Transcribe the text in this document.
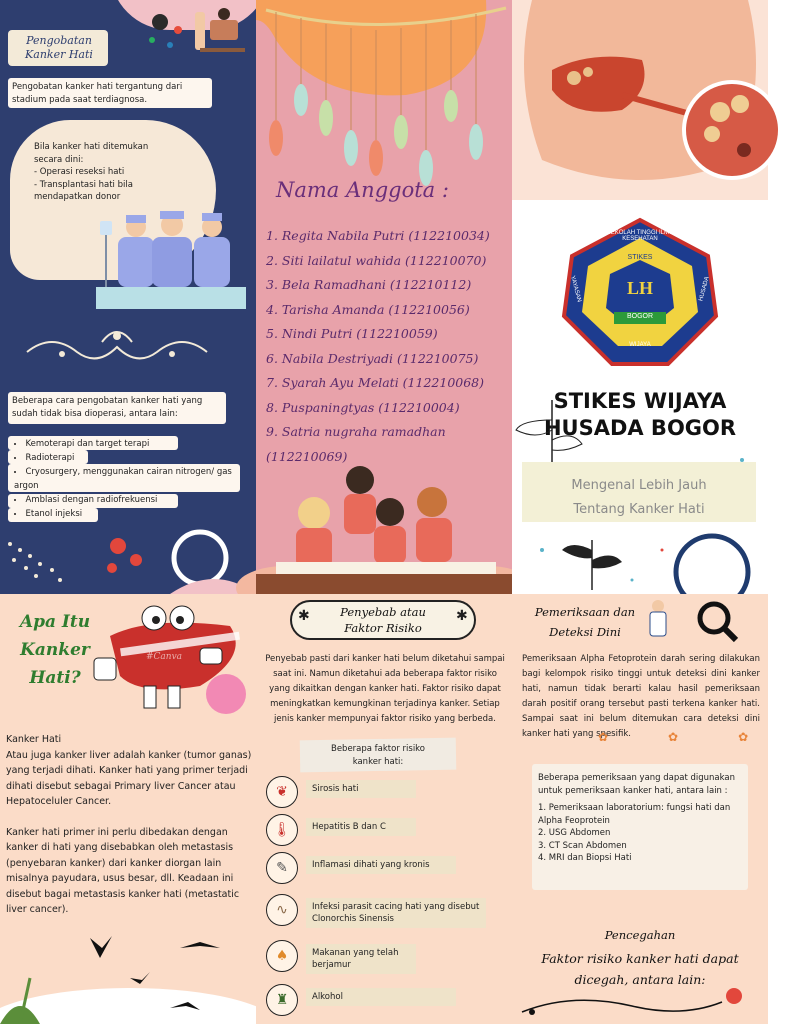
Pengobatan
Kanker Hati

Pengobatan kanker hati tergantung dari stadium pada saat terdiagnosa.

Bila kanker hati ditemukan
secara dini:
- Operasi reseksi hati
- Transplantasi hati bila mendapatkan donor

Beberapa cara pengobatan kanker hati yang sudah tidak bisa dioperasi, antara lain:

• Kemoterapi dan target terapi
• Radioterapi
• Cryosurgery, menggunakan cairan nitrogen/ gas argon
• Amblasi dengan radiofrekuensi
• Etanol injeksi
Nama Anggota :
1. Regita Nabila Putri (112210034)
2. Siti lailatul wahida (112210070)
3. Bela Ramadhani (112210112)
4. Tarisha Amanda (112210056)
5. Nindi Putri (112210059)
6. Nabila Destriyadi (112210075)
7. Syarah Ayu Melati (112210068)
8. Puspaningtyas (112210004)
9. Satria nugraha ramadhan
(112210069)
SEKOLAH TINGGI ILMU KESEHATAN
STIKES
YAYASAN	HUSADA
LH
BOGOR
WIJAYA
STIKES WIJAYA
HUSADA BOGOR
Mengenal Lebih Jauh
Tentang Kanker Hati
Apa Itu
Kanker
Hati?
#Canva

Kanker Hati

Atau juga kanker liver adalah kanker (tumor ganas) yang terjadi dihati. Kanker hati yang primer terjadi dihati disebut sebagai Primary liver Cancer atau Hepatoceluler Cancer.

Kanker hati primer ini perlu dibedakan dengan kanker di hati yang disebabkan oleh metastasis (penyebaran kanker) dari kanker diorgan lain misalnya payudara, usus besar, dll. Keadaan ini disebut bagai metastasis kanker hati (metastatic liver cancer).

Penyebab atau
Faktor Risiko
✱	✱

Penyebab pasti dari kanker hati belum diketahui sampai saat ini. Namun diketahui ada beberapa faktor risiko yang dikaitkan dengan kanker hati. Faktor risiko dapat meningkatkan kemungkinan terjadinya kanker. Setiap jenis kanker mempunyai faktor risiko yang berbeda.

Beberapa faktor risiko
kanker hati:
❦	Sirosis hati
🌡	Hepatitis B dan C
✎	Inflamasi dihati yang kronis
∿	Infeksi parasit cacing hati yang disebut Clonorchis Sinensis
♠	Makanan yang telah berjamur
♜	Alkohol
Pemeriksaan dan
Deteksi Dini

Pemeriksaan Alpha Fetoprotein darah sering dilakukan bagi kelompok risiko tinggi untuk deteksi dini kanker hati, namun tidak berarti kalau hasil pemeriksaan darah positif orang tersebut pasti terkena kanker hati. Sampai saat ini belum ditemukan cara deteksi dini kanker hati yang spesifik.

✿✿✿

Beberapa pemeriksaan yang dapat digunakan untuk pemeriksaan kanker hati, antara lain :

1. Pemeriksaan laboratorium: fungsi hati dan Alpha Feoprotein
2. USG Abdomen
3. CT Scan Abdomen
4. MRI dan Biopsi Hati
Pencegahan
Faktor risiko kanker hati dapat
dicegah, antara lain:
